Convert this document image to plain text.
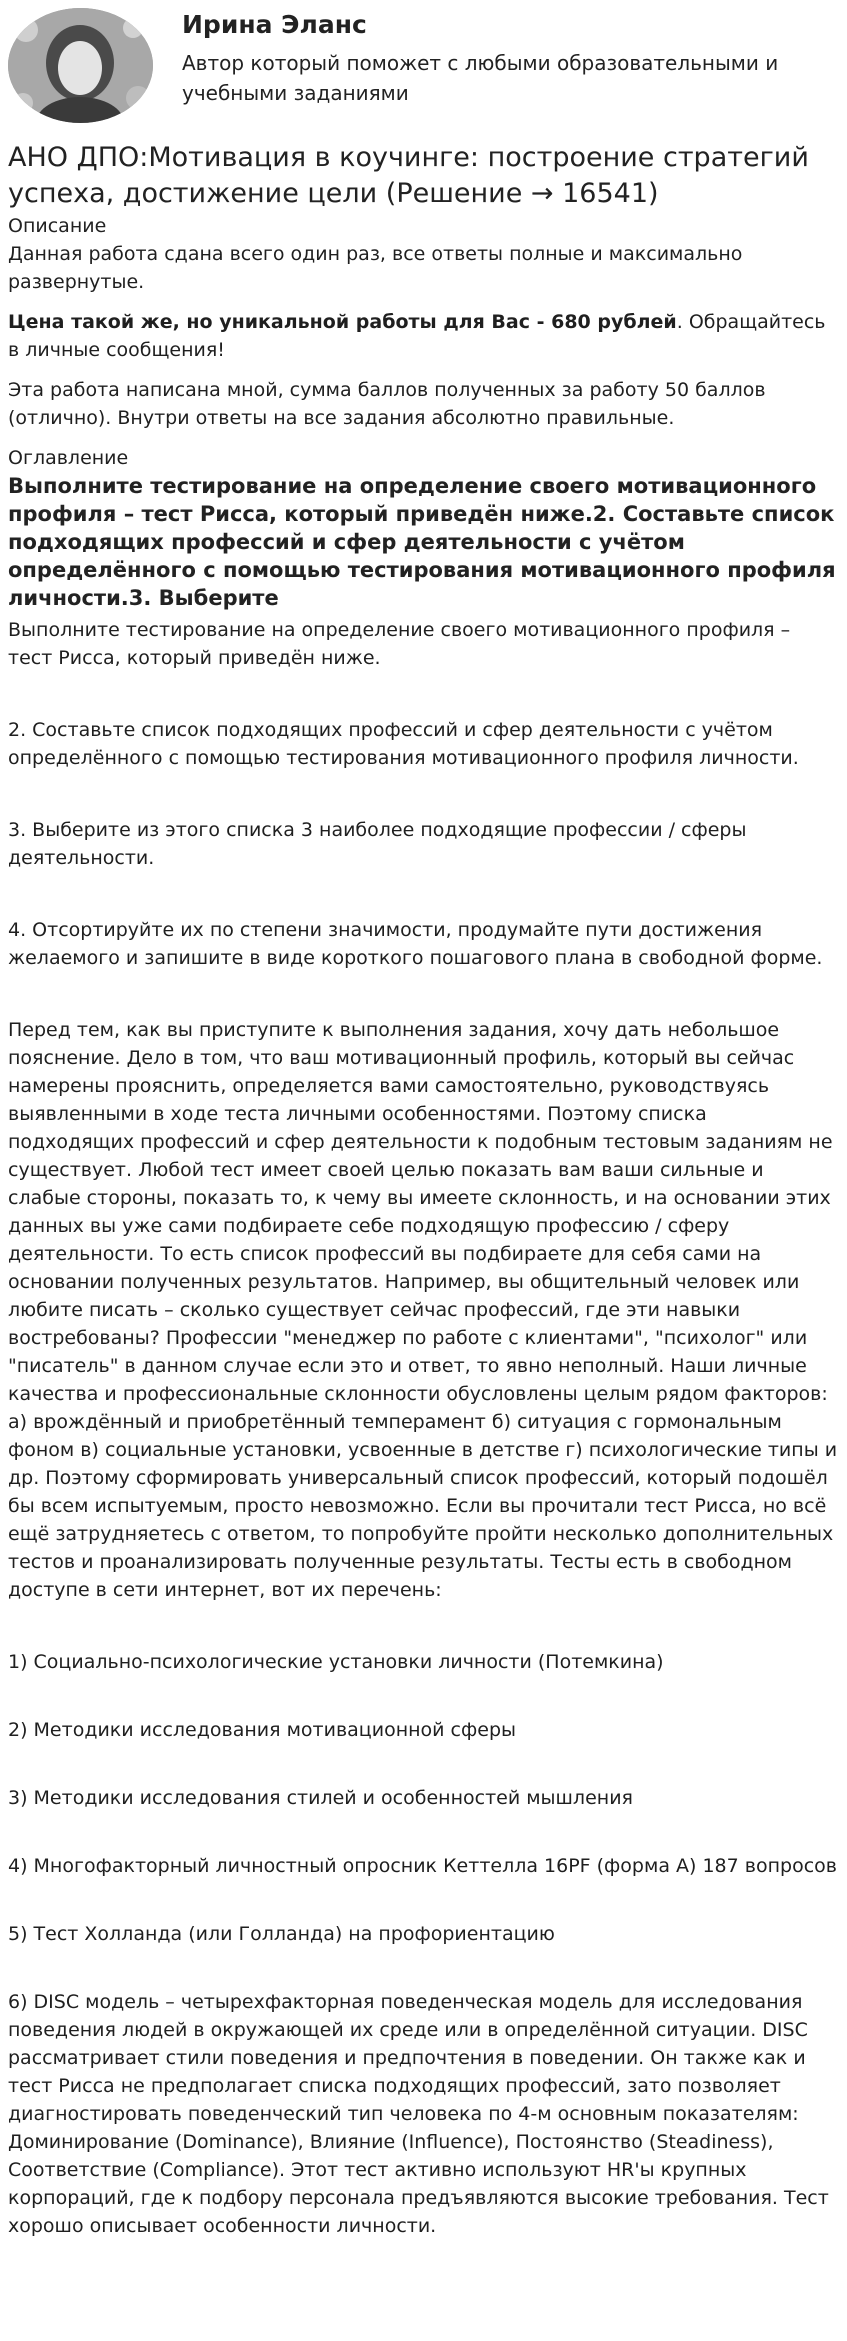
Ирина Эланс
Автор который поможет с любыми образовательными и учебными заданиями
АНО ДПО:Мотивация в коучинге: построение стратегий успеха, достижение цели (Решение → 16541)
Описание

Данная работа сдана всего один раз, все ответы полные и максимально развернутые.

Цена такой же, но уникальной работы для Вас - 680 рублей. Обращайтесь в личные сообщения!

Эта работа написана мной, сумма баллов полученных за работу 50 баллов (отлично). Внутри ответы на все задания абсолютно правильные.

Оглавление
Выполните тестирование на определение своего мотивационного профиля – тест Рисса, который приведён ниже.2. Составьте список подходящих профессий и сфер деятельности с учётом определённого с помощью тестирования мотивационного профиля личности.3. Выберите

Выполните тестирование на определение своего мотивационного профиля – тест Рисса, который приведён ниже.

2. Составьте список подходящих профессий и сфер деятельности с учётом определённого с помощью тестирования мотивационного профиля личности.

3. Выберите из этого списка 3 наиболее подходящие профессии / сферы деятельности.

4. Отсортируйте их по степени значимости, продумайте пути достижения желаемого и запишите в виде короткого пошагового плана в свободной форме.

Перед тем, как вы приступите к выполнения задания, хочу дать небольшое пояснение. Дело в том, что ваш мотивационный профиль, который вы сейчас намерены прояснить, определяется вами самостоятельно, руководствуясь выявленными в ходе теста личными особенностями. Поэтому списка подходящих профессий и сфер деятельности к подобным тестовым заданиям не существует. Любой тест имеет своей целью показать вам ваши сильные и слабые стороны, показать то, к чему вы имеете склонность, и на основании этих данных вы уже сами подбираете себе подходящую профессию / сферу деятельности. То есть список профессий вы подбираете для себя сами на основании полученных результатов. Например, вы общительный человек или любите писать – сколько существует сейчас профессий, где эти навыки востребованы? Профессии "менеджер по работе с клиентами", "психолог" или "писатель" в данном случае если это и ответ, то явно неполный. Наши личные качества и профессиональные склонности обусловлены целым рядом факторов: а) врождённый и приобретённый темперамент б) ситуация с гормональным фоном в) социальные установки, усвоенные в детстве г) психологические типы и др. Поэтому сформировать универсальный список профессий, который подошёл бы всем испытуемым, просто невозможно. Если вы прочитали тест Рисса, но всё ещё затрудняетесь с ответом, то попробуйте пройти несколько дополнительных тестов и проанализировать полученные результаты. Тесты есть в свободном доступе в сети интернет, вот их перечень:

1) Социально-психологические установки личности (Потемкина)

2) Методики исследования мотивационной сферы

3) Методики исследования стилей и особенностей мышления

4) Многофакторный личностный опросник Кеттелла 16PF (форма А) 187 вопросов

5) Тест Холланда (или Голланда) на профориентацию

6) DISC модель – четырехфакторная поведенческая модель для исследования поведения людей в окружающей их среде или в определённой ситуации. DISC рассматривает стили поведения и предпочтения в поведении. Он также как и тест Рисса не предполагает списка подходящих профессий, зато позволяет диагностировать поведенческий тип человека по 4-м основным показателям: Доминирование (Dominance), Влияние (Influence), Постоянство (Steadiness), Соответствие (Compliance). Этот тест активно используют HR'ы крупных корпораций, где к подбору персонала предъявляются высокие требования. Тест хорошо описывает особенности личности.
